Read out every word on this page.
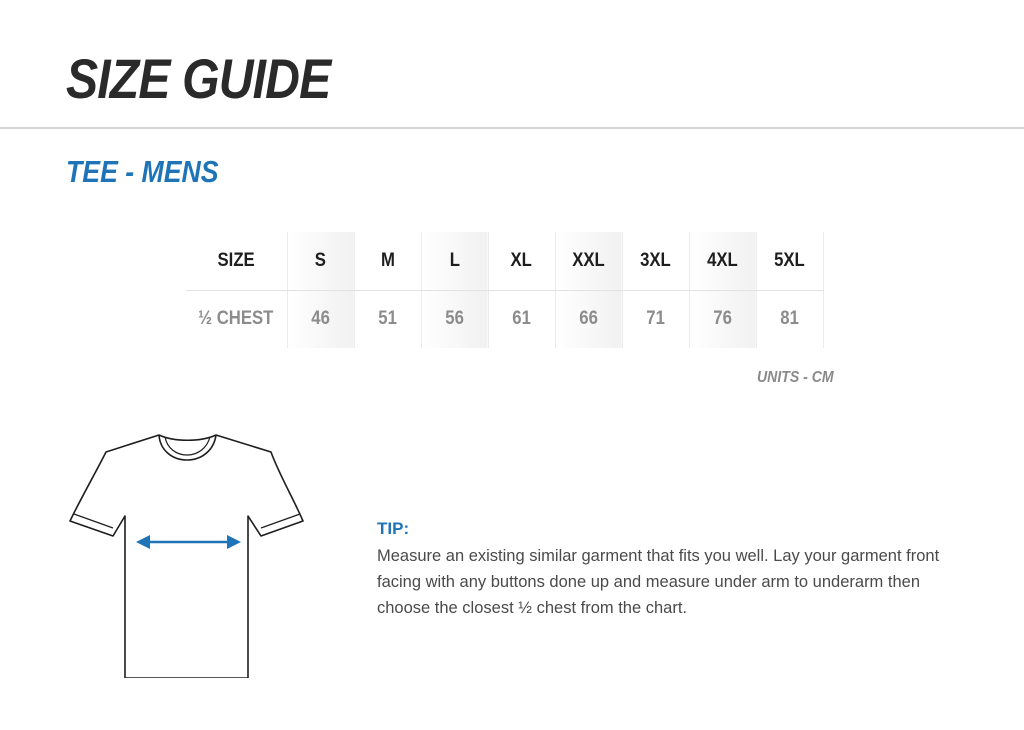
SIZE GUIDE
TEE - MENS
SIZE	S	M	L	XL	XXL	3XL	4XL	5XL
½ CHEST	46	51	56	61	66	71	76	81
UNITS - CM
TIP:
Measure an existing similar garment that fits you well. Lay your garment front facing with any buttons done up and measure under arm to underarm then choose the closest ½ chest from the chart.
